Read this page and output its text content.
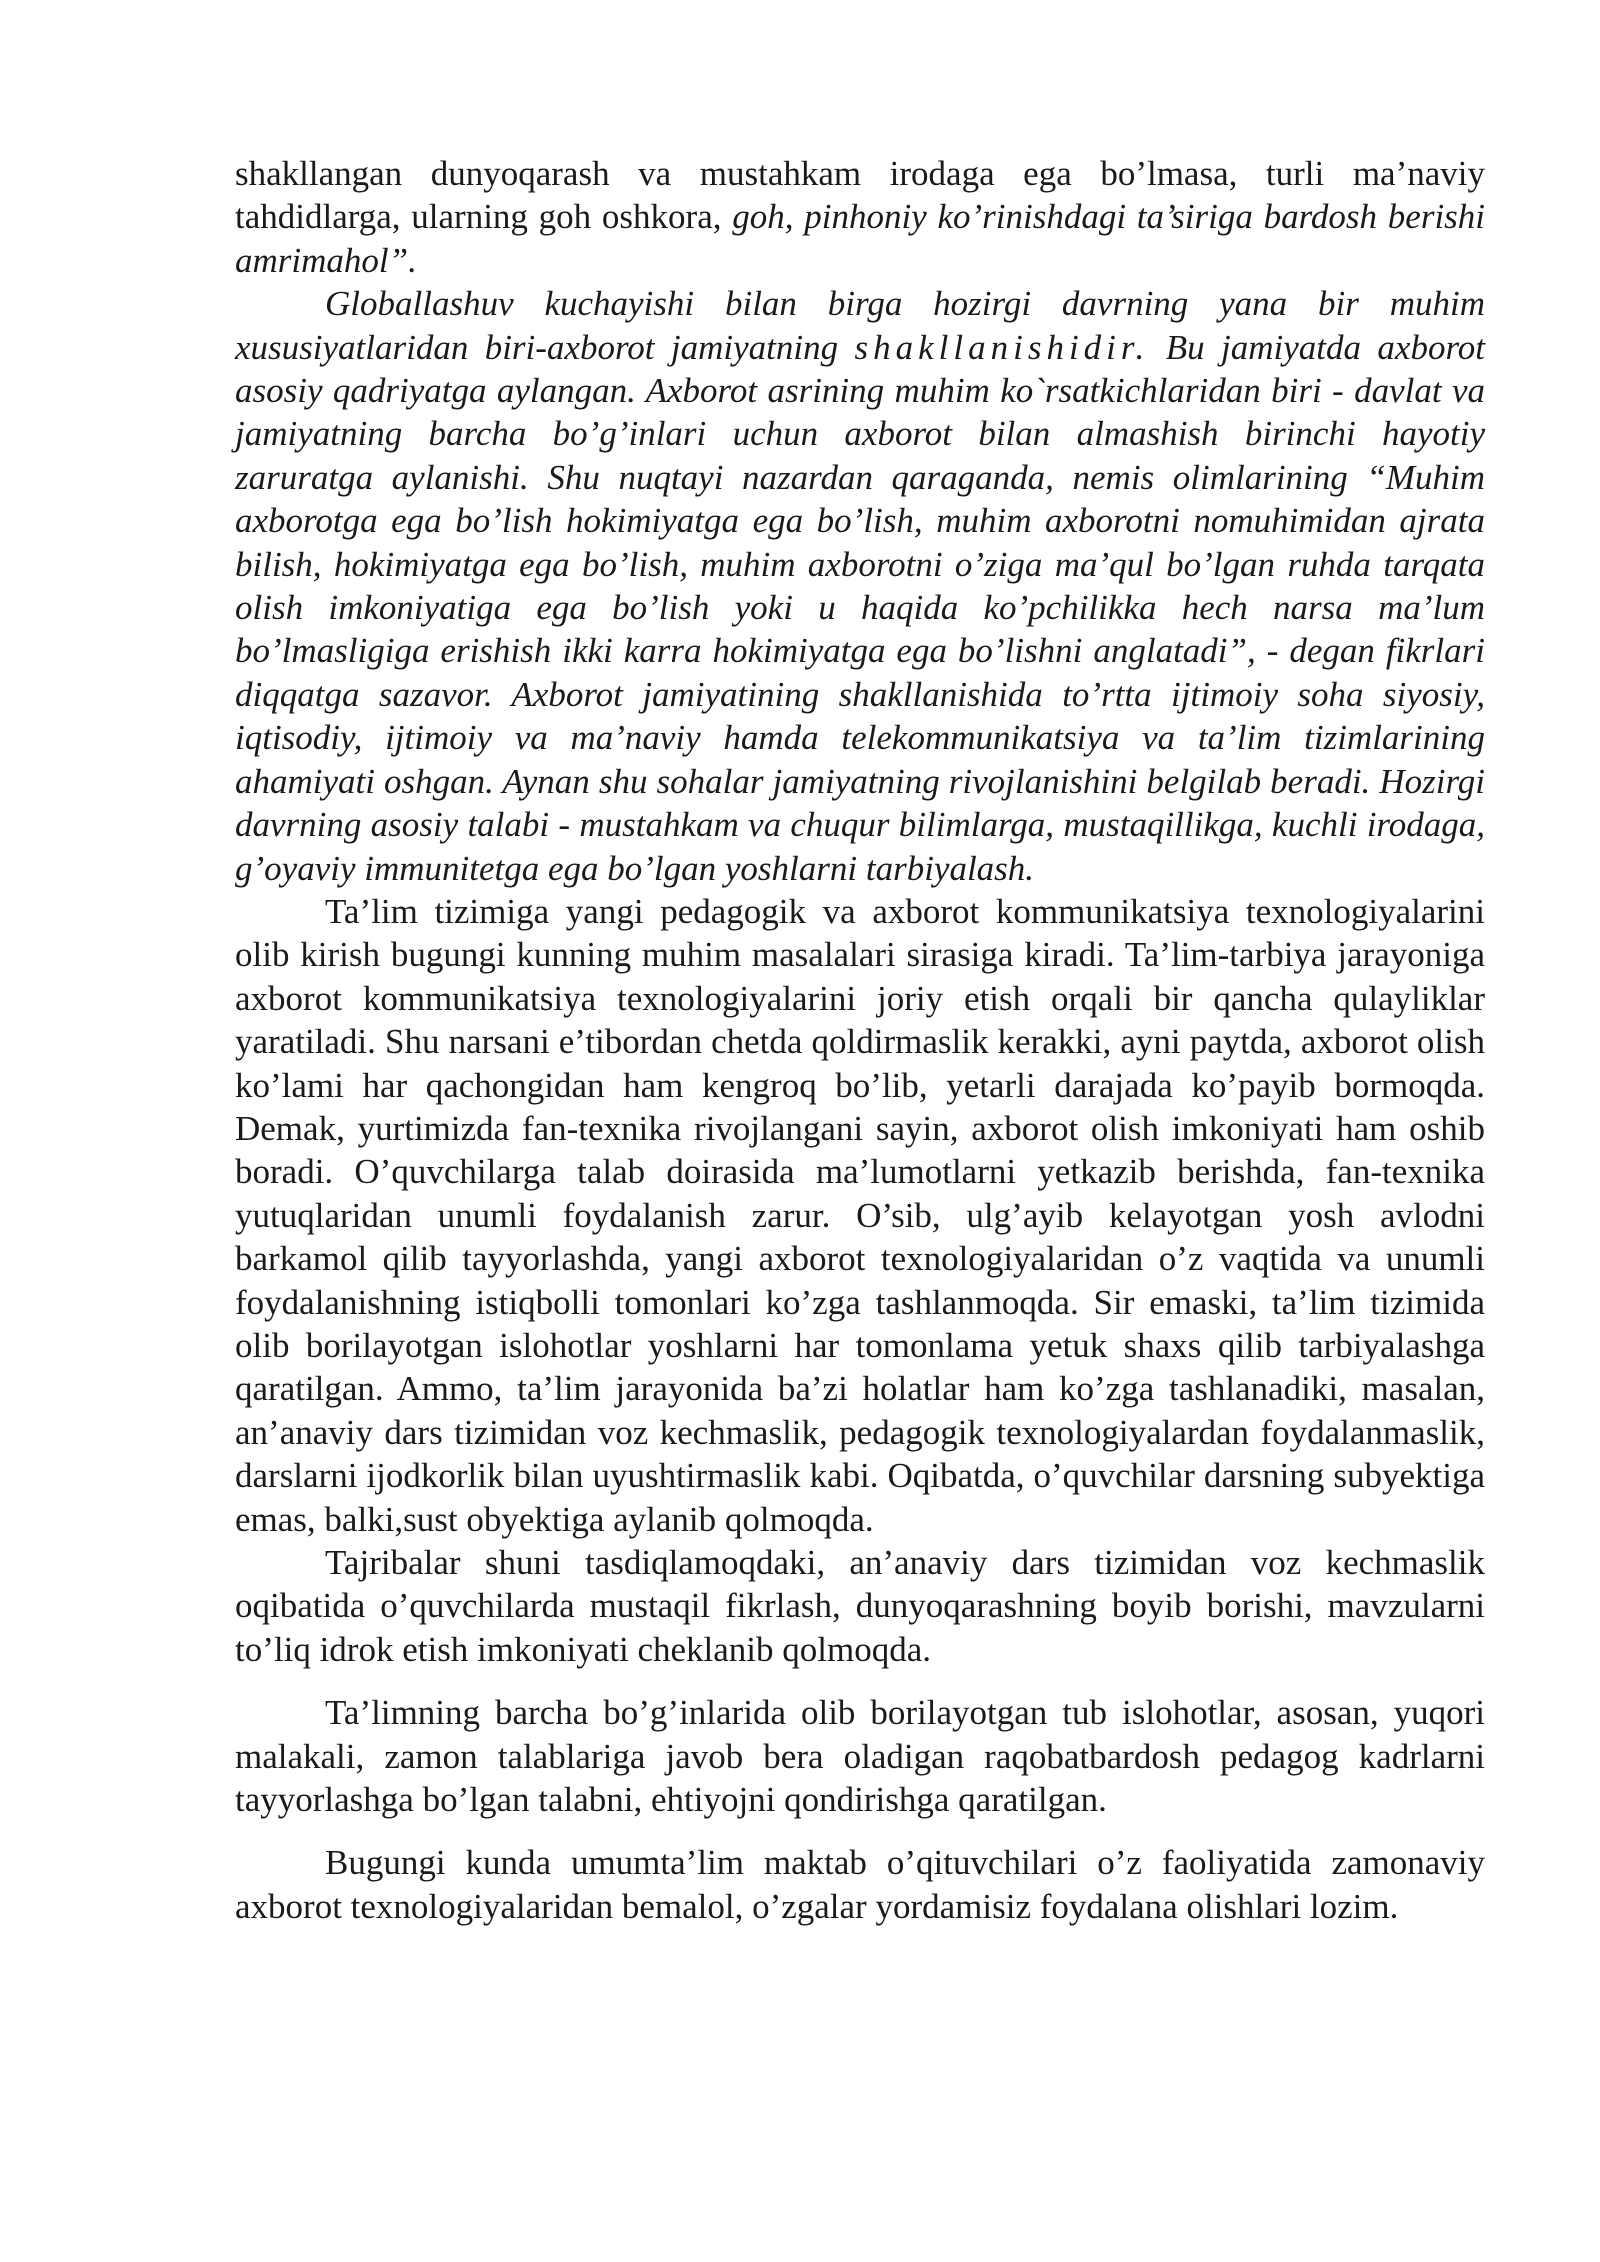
shakllangan dunyoqarash va mustahkam irodaga ega bo’lmasa, turli ma’naviy tahdidlarga, ularning goh oshkora, goh, pinhoniy ko’rinishdagi ta’siriga bardosh berishi amrimahol”.

Globallashuv kuchayishi bilan birga hozirgi davrning yana bir muhim xususiyatlaridan biri-axborot jamiyatning shakllanishidir. Bu jamiyatda axborot asosiy qadriyatga aylangan. Axborot asrining muhim ko`rsatkichlaridan biri - davlat va jamiyatning barcha bo’g’inlari uchun axborot bilan almashish birinchi hayotiy zaruratga aylanishi. Shu nuqtayi nazardan qaraganda, nemis olimlarining “Muhim axborotga ega bo’lish hokimiyatga ega bo’lish, muhim axborotni nomuhimidan ajrata bilish, hokimiyatga ega bo’lish, muhim axborotni o’ziga ma’qul bo’lgan ruhda tarqata olish imkoniyatiga ega bo’lish yoki u haqida ko’pchilikka hech narsa ma’lum bo’lmasligiga erishish ikki karra hokimiyatga ega bo’lishni anglatadi”, - degan fikrlari diqqatga sazavor. Axborot jamiyatining shakllanishida to’rtta ijtimoiy soha siyosiy, iqtisodiy, ijtimoiy va ma’naviy hamda telekommunikatsiya va ta’lim tizimlarining ahamiyati oshgan. Aynan shu sohalar jamiyatning rivojlanishini belgilab beradi. Hozirgi davrning asosiy talabi - mustahkam va chuqur bilimlarga, mustaqillikga, kuchli irodaga, g’oyaviy immunitetga ega bo’lgan yoshlarni tarbiyalash.

Ta’lim tizimiga yangi pedagogik va axborot kommunikatsiya texnologiyalarini olib kirish bugungi kunning muhim masalalari sirasiga kiradi. Ta’lim-tarbiya jarayoniga axborot kommunikatsiya texnologiyalarini joriy etish orqali bir qancha qulayliklar yaratiladi. Shu narsani e’tibordan chetda qoldirmaslik kerakki, ayni paytda, axborot olish ko’lami har qachongidan ham kengroq bo’lib, yetarli darajada ko’payib bormoqda. Demak, yurtimizda fan-texnika rivojlangani sayin, axborot olish imkoniyati ham oshib boradi. O’quvchilarga talab doirasida ma’lumotlarni yetkazib berishda, fan-texnika yutuqlaridan unumli foydalanish zarur. O’sib, ulg’ayib kelayotgan yosh avlodni barkamol qilib tayyorlashda, yangi axborot texnologiyalaridan o’z vaqtida va unumli foydalanishning istiqbolli tomonlari ko’zga tashlanmoqda. Sir emaski, ta’lim tizimida olib borilayotgan islohotlar yoshlarni har tomonlama yetuk shaxs qilib tarbiyalashga qaratilgan. Ammo, ta’lim jarayonida ba’zi holatlar ham ko’zga tashlanadiki, masalan, an’anaviy dars tizimidan voz kechmaslik, pedagogik texnologiyalardan foydalanmaslik, darslarni ijodkorlik bilan uyushtirmaslik kabi. Oqibatda, o’quvchilar darsning subyektiga emas, balki,sust obyektiga aylanib qolmoqda.

Tajribalar shuni tasdiqlamoqdaki, an’anaviy dars tizimidan voz kechmaslik oqibatida o’quvchilarda mustaqil fikrlash, dunyoqarashning boyib borishi, mavzularni to’liq idrok etish imkoniyati cheklanib qolmoqda.

Ta’limning barcha bo’g’inlarida olib borilayotgan tub islohotlar, asosan, yuqori malakali, zamon talablariga javob bera oladigan raqobatbardosh pedagog kadrlarni tayyorlashga bo’lgan talabni, ehtiyojni qondirishga qaratilgan.

Bugungi kunda umumta’lim maktab o’qituvchilari o’z faoliyatida zamonaviy axborot texnologiyalaridan bemalol, o’zgalar yordamisiz foydalana olishlari lozim.
